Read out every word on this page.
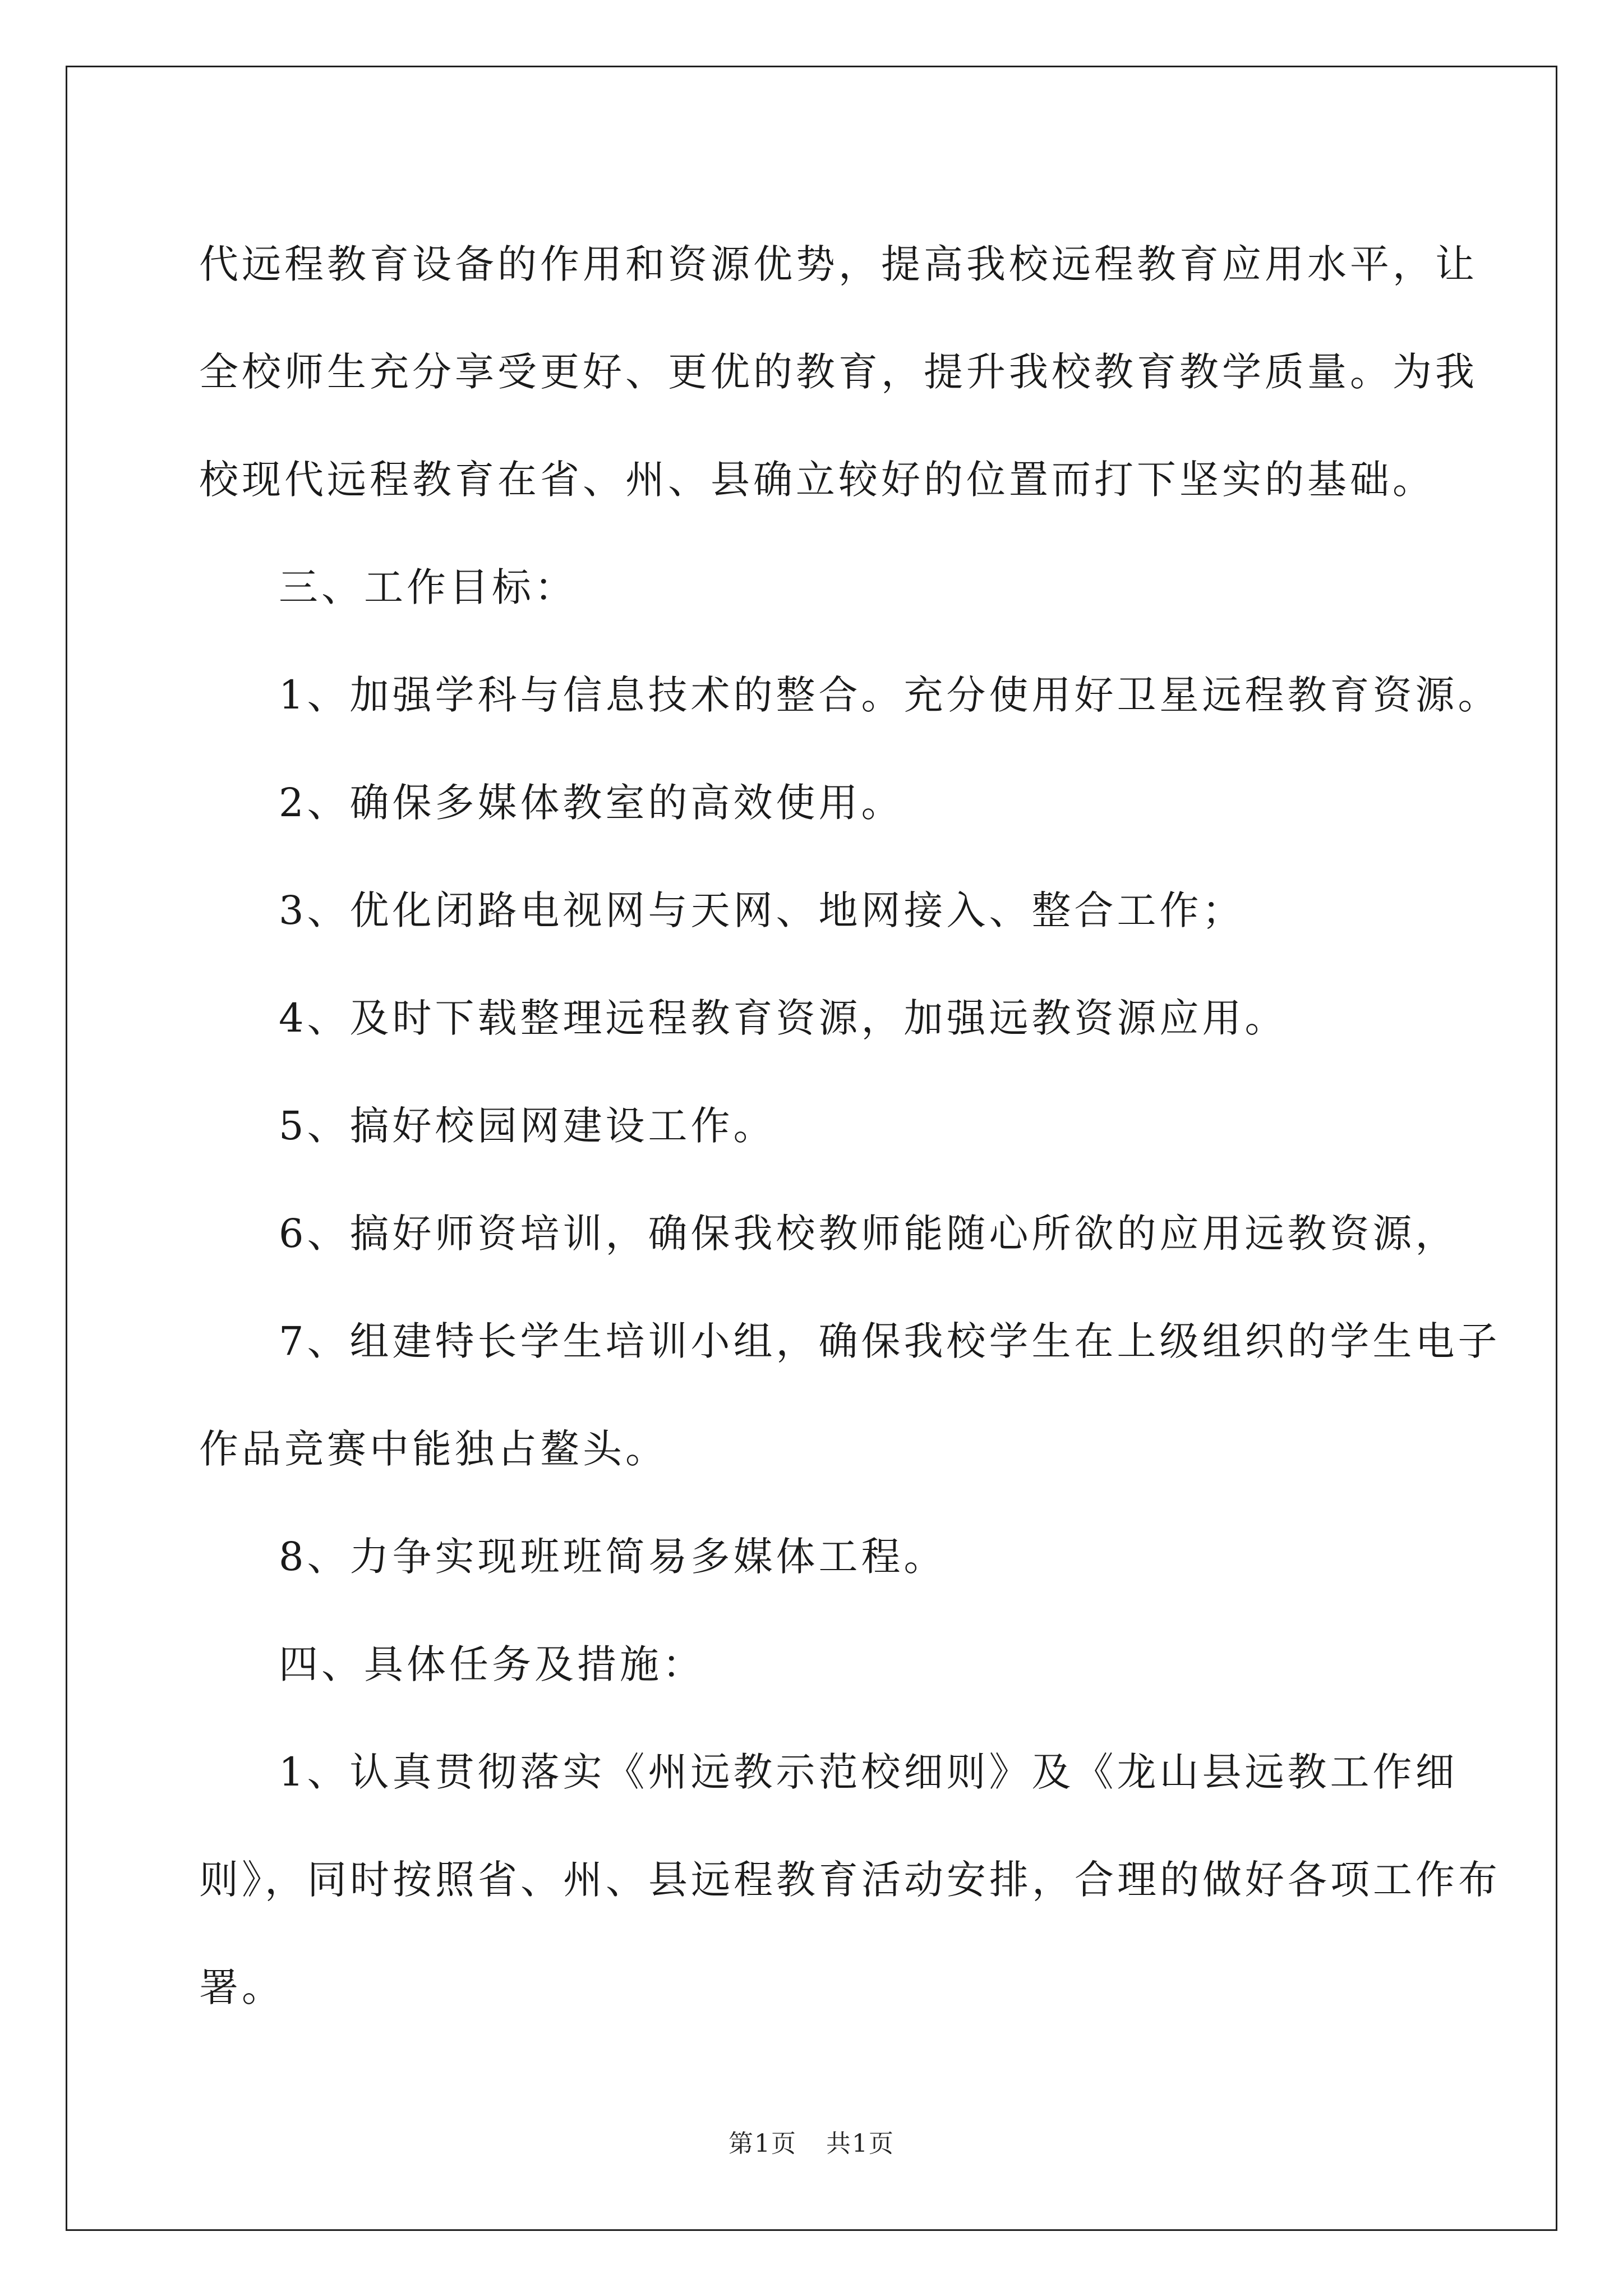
代远程教育设备的作用和资源优势，提高我校远程教育应用水平，让

全校师生充分享受更好、更优的教育，提升我校教育教学质量。为我

校现代远程教育在省、州、县确立较好的位置而打下坚实的基础。

三、工作目标：

1、加强学科与信息技术的整合。充分使用好卫星远程教育资源。

2、确保多媒体教室的高效使用。

3、优化闭路电视网与天网、地网接入、整合工作；

4、及时下载整理远程教育资源，加强远教资源应用。

5、搞好校园网建设工作。

6、搞好师资培训，确保我校教师能随心所欲的应用远教资源，

7、组建特长学生培训小组，确保我校学生在上级组织的学生电子

作品竞赛中能独占鳌头。

8、力争实现班班简易多媒体工程。

四、具体任务及措施：

1、认真贯彻落实《州远教示范校细则》及《龙山县远教工作细

则》，同时按照省、州、县远程教育活动安排，合理的做好各项工作布

署。

第1页 共1页
